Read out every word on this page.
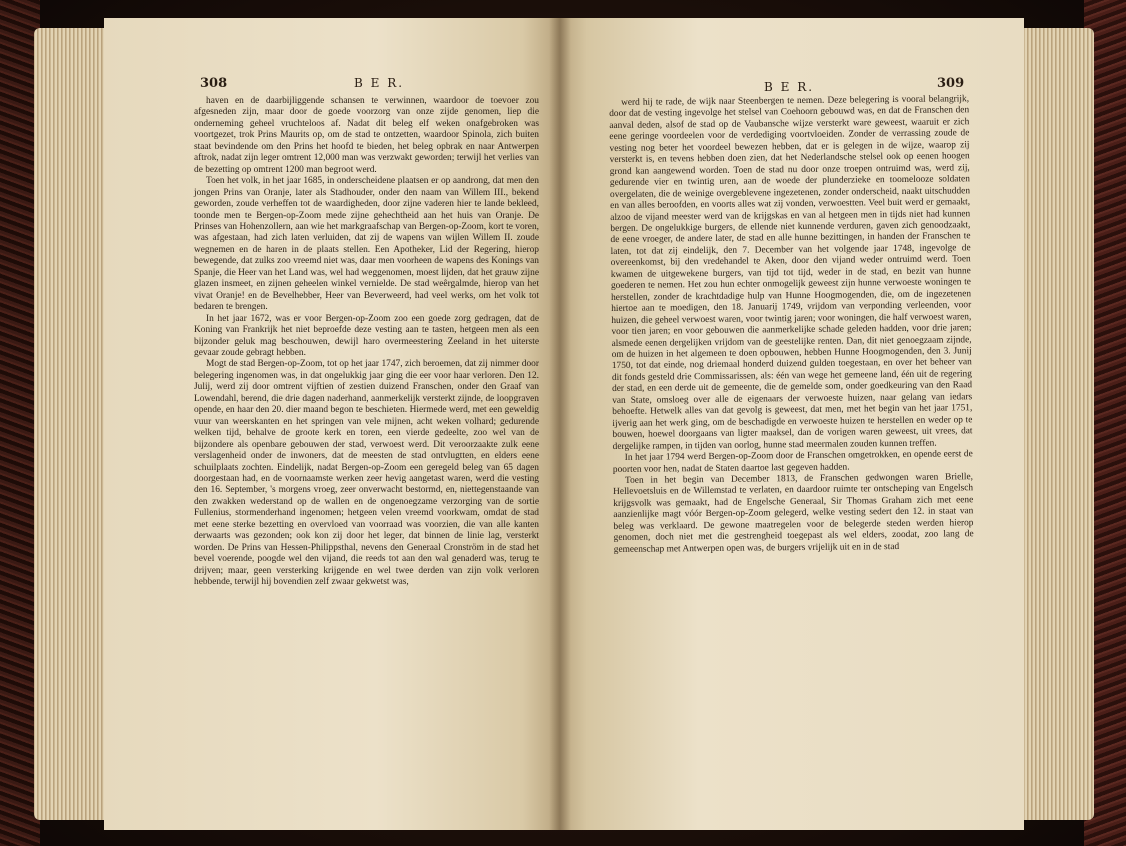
308	B E R.

haven en de daarbijliggende schansen te verwinnen, waardoor de toevoer zou afgesneden zijn, maar door de goede voorzorg van onze zijde genomen, liep die onderneming geheel vruchteloos af. Nadat dit beleg elf weken onafgebroken was voortgezet, trok Prins Maurits op, om de stad te ontzetten, waardoor Spinola, zich buiten staat bevindende om den Prins het hoofd te bieden, het beleg opbrak en naar Antwerpen aftrok, nadat zijn leger omtrent 12,000 man was verzwakt geworden; terwijl het verlies van de bezetting op omtrent 1200 man begroot werd.

Toen het volk, in het jaar 1685, in onderscheidene plaatsen er op aandrong, dat men den jongen Prins van Oranje, later als Stadhouder, onder den naam van Willem III., bekend geworden, zoude verheffen tot de waardigheden, door zijne vaderen hier te lande bekleed, toonde men te Bergen-op-Zoom mede zijne gehechtheid aan het huis van Oranje. De Prinses van Hohenzollern, aan wie het markgraafschap van Bergen-op-Zoom, kort te voren, was afgestaan, had zich laten verluiden, dat zij de wapens van wijlen Willem II. zoude wegnemen en de haren in de plaats stellen. Een Apotheker, Lid der Regering, hierop bewegende, dat zulks zoo vreemd niet was, daar men voorheen de wapens des Konings van Spanje, die Heer van het Land was, wel had weggenomen, moest lijden, dat het grauw zijne glazen insmeet, en zijnen geheelen winkel vernielde. De stad weêrgalmde, hierop van het vivat Oranje! en de Bevelhebber, Heer van Beverweerd, had veel werks, om het volk tot bedaren te brengen.

In het jaar 1672, was er voor Bergen-op-Zoom zoo een goede zorg gedragen, dat de Koning van Frankrijk het niet beproefde deze vesting aan te tasten, hetgeen men als een bijzonder geluk mag beschouwen, dewijl haro overmeestering Zeeland in het uiterste gevaar zoude gebragt hebben.

Mogt de stad Bergen-op-Zoom, tot op het jaar 1747, zich beroemen, dat zij nimmer door belegering ingenomen was, in dat ongelukkig jaar ging die eer voor haar verloren. Den 12. Julij, werd zij door omtrent vijftien of zestien duizend Franschen, onder den Graaf van Lowendahl, berend, die drie dagen naderhand, aanmerkelijk versterkt zijnde, de loopgraven opende, en haar den 20. dier maand begon te beschieten. Hiermede werd, met een geweldig vuur van weerskanten en het springen van vele mijnen, acht weken volhard; gedurende welken tijd, behalve de groote kerk en toren, een vierde gedeelte, zoo wel van de bijzondere als openbare gebouwen der stad, verwoest werd. Dit veroorzaakte zulk eene verslagenheid onder de inwoners, dat de meesten de stad ontvlugtten, en elders eene schuilplaats zochten. Eindelijk, nadat Bergen-op-Zoom een geregeld beleg van 65 dagen doorgestaan had, en de voornaamste werken zeer hevig aangetast waren, werd die vesting den 16. September, 's morgens vroeg, zeer onverwacht bestormd, en, niettegenstaande van den zwakken wederstand op de wallen en de ongenoegzame verzorging van de sortie Fullenius, stormenderhand ingenomen; hetgeen velen vreemd voorkwam, omdat de stad met eene sterke bezetting en overvloed van voorraad was voorzien, die van alle kanten derwaarts was gezonden; ook kon zij door het leger, dat binnen de linie lag, versterkt worden. De Prins van Hessen-Philippsthal, nevens den Generaal Cronström in de stad het bevel voerende, poogde wel den vijand, die reeds tot aan den wal genaderd was, terug te drijven; maar, geen versterking krijgende en wel twee derden van zijn volk verloren hebbende, terwijl hij bovendien zelf zwaar gekwetst was,

B E R.	309

werd hij te rade, de wijk naar Steenbergen te nemen. Deze belegering is vooral belangrijk, door dat de vesting ingevolge het stelsel van Coehoorn gebouwd was, en dat de Franschen den aanval deden, alsof de stad op de Vaubansche wijze versterkt ware geweest, waaruit er zich eene geringe voordeelen voor de verdediging voortvloeiden. Zonder de verrassing zoude de vesting nog beter het voordeel bewezen hebben, dat er is gelegen in de wijze, waarop zij versterkt is, en tevens hebben doen zien, dat het Nederlandsche stelsel ook op eenen hoogen grond kan aangewend worden. Toen de stad nu door onze troepen ontruimd was, werd zij, gedurende vier en twintig uren, aan de woede der plunderzieke en toomelooze soldaten overgelaten, die de weinige overgeblevene ingezetenen, zonder onderscheid, naakt uitschudden en van alles beroofden, en voorts alles wat zij vonden, verwoestten. Veel buit werd er gemaakt, alzoo de vijand meester werd van de krijgskas en van al hetgeen men in tijds niet had kunnen bergen. De ongelukkige burgers, de ellende niet kunnende verduren, gaven zich genoodzaakt, de eene vroeger, de andere later, de stad en alle hunne bezittingen, in handen der Franschen te laten, tot dat zij eindelijk, den 7. December van het volgende jaar 1748, ingevolge de overeenkomst, bij den vredehandel te Aken, door den vijand weder ontruimd werd. Toen kwamen de uitgewekene burgers, van tijd tot tijd, weder in de stad, en bezit van hunne goederen te nemen. Het zou hun echter onmogelijk geweest zijn hunne verwoeste woningen te herstellen, zonder de krachtdadige hulp van Hunne Hoogmogenden, die, om de ingezetenen hiertoe aan te moedigen, den 18. Januarij 1749, vrijdom van verponding verleenden, voor huizen, die geheel verwoest waren, voor twintig jaren; voor woningen, die half verwoest waren, voor tien jaren; en voor gebouwen die aanmerkelijke schade geleden hadden, voor drie jaren; alsmede eenen dergelijken vrijdom van de geestelijke renten. Dan, dit niet genoegzaam zijnde, om de huizen in het algemeen te doen opbouwen, hebben Hunne Hoogmogenden, den 3. Junij 1750, tot dat einde, nog driemaal honderd duizend gulden toegestaan, en over het beheer van dit fonds gesteld drie Commissarissen, als: één van wege het gemeene land, één uit de regering der stad, en een derde uit de gemeente, die de gemelde som, onder goedkeuring van den Raad van State, omsloeg over alle de eigenaars der verwoeste huizen, naar gelang van iedars behoefte. Hetwelk alles van dat gevolg is geweest, dat men, met het begin van het jaar 1751, ijverig aan het werk ging, om de beschadigde en verwoeste huizen te herstellen en weder op te bouwen, hoewel doorgaans van ligter maaksel, dan de vorigen waren geweest, uit vrees, dat dergelijke rampen, in tijden van oorlog, hunne stad meermalen zouden kunnen treffen.

In het jaar 1794 werd Bergen-op-Zoom door de Franschen omgetrokken, en opende eerst de poorten voor hen, nadat de Staten daartoe last gegeven hadden.

Toen in het begin van December 1813, de Franschen gedwongen waren Brielle, Hellevoetsluis en de Willemstad te verlaten, en daardoor ruimte ter ontscheping van Engelsch krijgsvolk was gemaakt, had de Engelsche Generaal, Sir Thomas Graham zich met eene aanzienlijke magt vóór Bergen-op-Zoom gelegerd, welke vesting sedert den 12. in staat van beleg was verklaard. De gewone maatregelen voor de belegerde steden werden hierop genomen, doch niet met die gestrengheid toegepast als wel elders, zoodat, zoo lang de gemeenschap met Antwerpen open was, de burgers vrijelijk uit en in de stad
